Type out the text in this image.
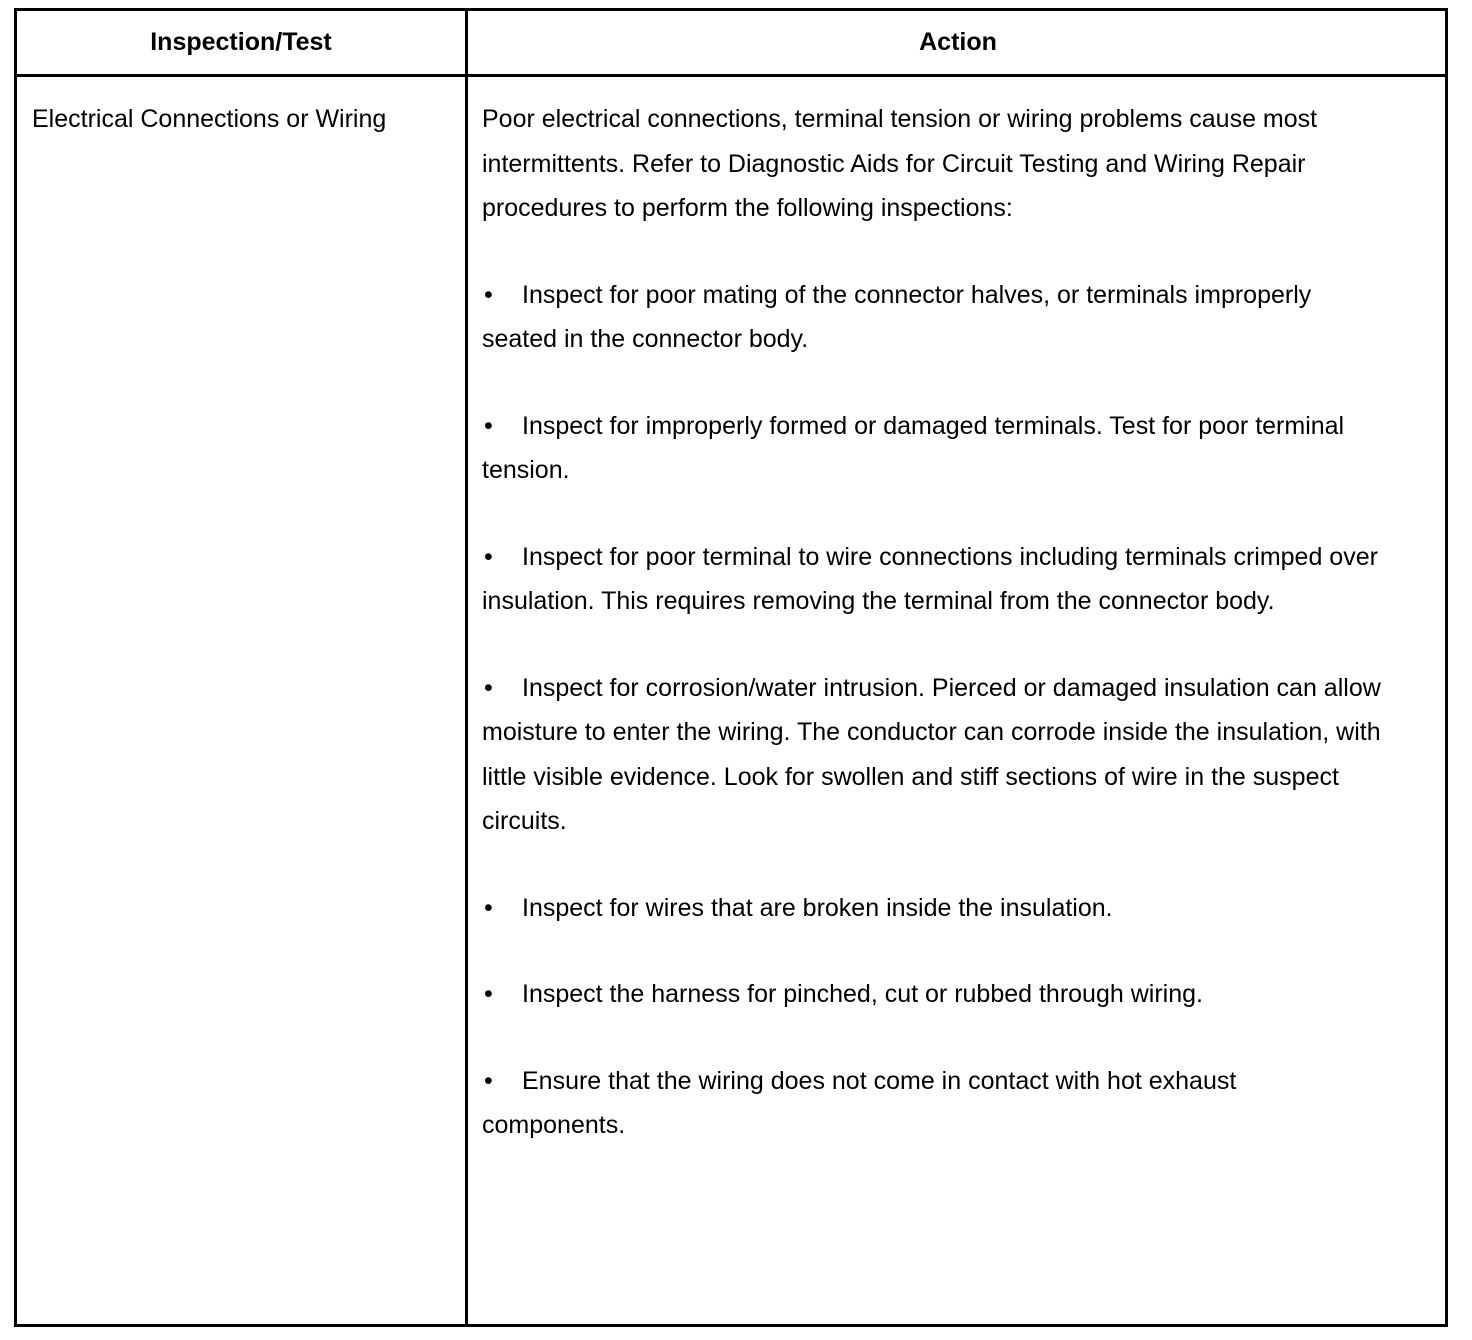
Inspection/Test	Action
Electrical Connections or Wiring	Poor electrical connections, terminal tension or wiring problems cause most intermittents. Refer to Diagnostic Aids for Circuit Testing and Wiring Repair procedures to perform the following inspections:

• Inspect for poor mating of the connector halves, or terminals improperly seated in the connector body.

• Inspect for improperly formed or damaged terminals. Test for poor terminal tension.

• Inspect for poor terminal to wire connections including terminals crimped over insulation. This requires removing the terminal from the connector body.

• Inspect for corrosion/water intrusion. Pierced or damaged insulation can allow moisture to enter the wiring. The conductor can corrode inside the insulation, with little visible evidence. Look for swollen and stiff sections of wire in the suspect circuits.

• Inspect for wires that are broken inside the insulation.

• Inspect the harness for pinched, cut or rubbed through wiring.

• Ensure that the wiring does not come in contact with hot exhaust components.
